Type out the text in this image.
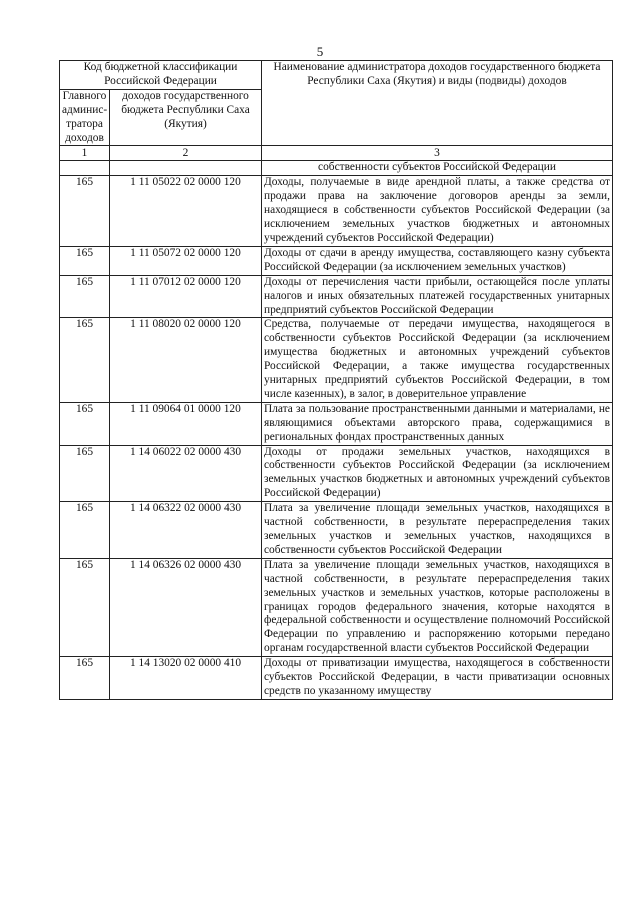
5
Код бюджетной классификации Российской Федерации		Наименование администратора доходов государственного бюджета Республики Саха (Якутия) и виды (подвиды) доходов
Главного админис-тратора доходов	доходов государственного бюджета Республики Саха (Якутия)	
1	2	3
		собственности субъектов Российской Федерации
165	1 11 05022 02 0000 120	Доходы, получаемые в виде арендной платы, а также средства от продажи права на заключение договоров аренды за земли, находящиеся в собственности субъектов Российской Федерации (за исключением земельных участков бюджетных и автономных учреждений субъектов Российской Федерации)
165	1 11 05072 02 0000 120	Доходы от сдачи в аренду имущества, составляющего казну субъекта Российской Федерации (за исключением земельных участков)
165	1 11 07012 02 0000 120	Доходы от перечисления части прибыли, остающейся после уплаты налогов и иных обязательных платежей государственных унитарных предприятий субъектов Российской Федерации
165	1 11 08020 02 0000 120	Средства, получаемые от передачи имущества, находящегося в собственности субъектов Российской Федерации (за исключением имущества бюджетных и автономных учреждений субъектов Российской Федерации, а также имущества государственных унитарных предприятий субъектов Российской Федерации, в том числе казенных), в залог, в доверительное управление
165	1 11 09064 01 0000 120	Плата за пользование пространственными данными и материалами, не являющимися объектами авторского права, содержащимися в региональных фондах пространственных данных
165	1 14 06022 02 0000 430	Доходы от продажи земельных участков, находящихся в собственности субъектов Российской Федерации (за исключением земельных участков бюджетных и автономных учреждений субъектов Российской Федерации)
165	1 14 06322 02 0000 430	Плата за увеличение площади земельных участков, находящихся в частной собственности, в результате перераспределения таких земельных участков и земельных участков, находящихся в собственности субъектов Российской Федерации
165	1 14 06326 02 0000 430	Плата за увеличение площади земельных участков, находящихся в частной собственности, в результате перераспределения таких земельных участков и земельных участков, которые расположены в границах городов федерального значения, которые находятся в федеральной собственности и осуществление полномочий Российской Федерации по управлению и распоряжению которыми передано органам государственной власти субъектов Российской Федерации
165	1 14 13020 02 0000 410	Доходы от приватизации имущества, находящегося в собственности субъектов Российской Федерации, в части приватизации основных средств по указанному имуществу
